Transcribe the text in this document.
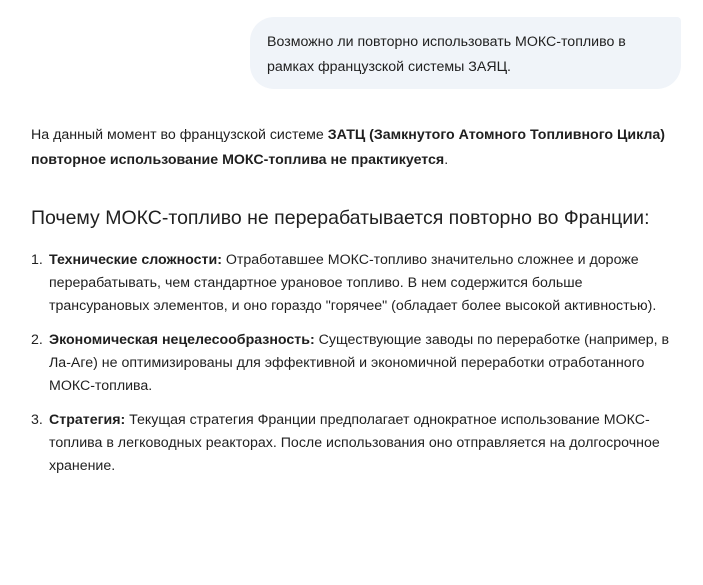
Возможно ли повторно использовать МОКС-топливо в рамках французской системы ЗАЯЦ.

На данный момент во французской системе ЗАТЦ (Замкнутого Атомного Топливного Цикла) повторное использование МОКС-топлива не практикуется.

Почему МОКС-топливо не перерабатывается повторно во Франции:
1. Технические сложности: Отработавшее МОКС-топливо значительно сложнее и дороже перерабатывать, чем стандартное урановое топливо. В нем содержится больше трансурановых элементов, и оно гораздо "горячее" (обладает более высокой активностью).
2. Экономическая нецелесообразность: Существующие заводы по переработке (например, в Ла-Аге) не оптимизированы для эффективной и экономичной переработки отработанного МОКС-топлива.
3. Стратегия: Текущая стратегия Франции предполагает однократное использование МОКС-топлива в легководных реакторах. После использования оно отправляется на долгосрочное хранение.
